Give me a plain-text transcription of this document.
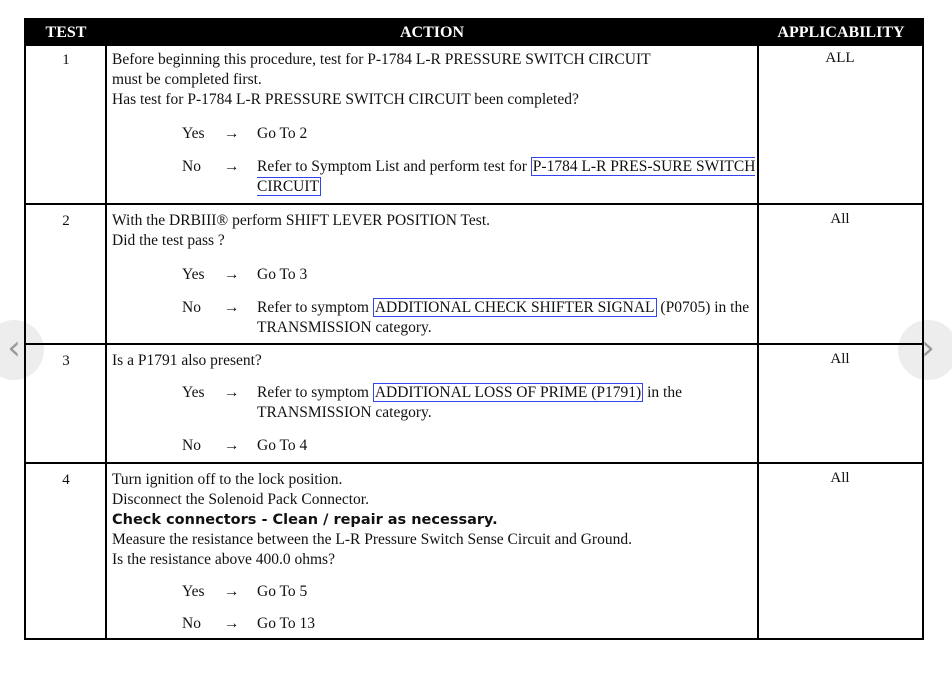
TEST	ACTION	APPLICABILITY
1	Before beginning this procedure, test for P-1784 L-R PRESSURE SWITCH CIRCUIT
must be completed first.
Has test for P-1784 L-R PRESSURE SWITCH CIRCUIT been completed?
Yes	→ Go To 2
No	→ Refer to Symptom List and perform test for P-1784 L-R PRES-SURE SWITCH CIRCUIT
ALL
2	With the DRBIII® perform SHIFT LEVER POSITION Test.
Did the test pass ?
Yes	→ Go To 3
No	→ Refer to symptom ADDITIONAL CHECK SHIFTER SIGNAL (P0705) in the TRANSMISSION category.
All
3	Is a P1791 also present?
Yes	→ Refer to symptom ADDITIONAL LOSS OF PRIME (P1791) in the TRANSMISSION category.
No	→ Go To 4
All
4	Turn ignition off to the lock position.
Disconnect the Solenoid Pack Connector.
Check connectors - Clean / repair as necessary.
Measure the resistance between the L-R Pressure Switch Sense Circuit and Ground.
Is the resistance above 400.0 ohms?
Yes	→ Go To 5
No	→ Go To 13
All
‹	›
